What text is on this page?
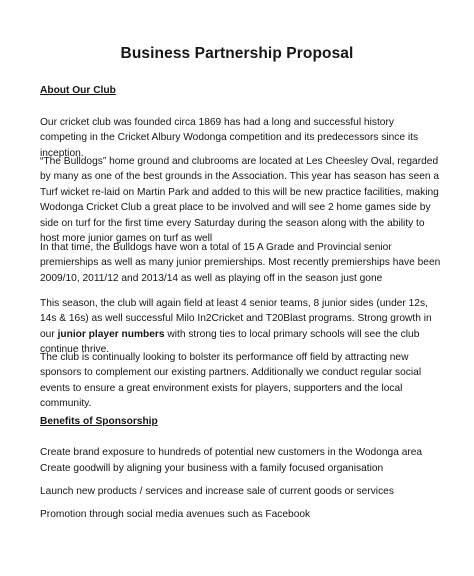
Business Partnership Proposal
About Our Club

Our cricket club was founded circa 1869 has had a long and successful history competing in the Cricket Albury Wodonga competition and its predecessors since its inception.

“The Bulldogs” home ground and clubrooms are located at Les Cheesley Oval, regarded by many as one of the best grounds in the Association. This year has season has seen a Turf wicket re-laid on Martin Park and added to this will be new practice facilities, making Wodonga Cricket Club a great place to be involved and will see 2 home games side by side on turf for the first time every Saturday during the season along with the ability to host more junior games on turf as well

In that time, the Bulldogs have won a total of 15 A Grade and Provincial senior premierships as well as many junior premierships. Most recently premierships have been 2009/10, 2011/12 and 2013/14 as well as playing off in the season just gone

This season, the club will again field at least 4 senior teams, 8 junior sides (under 12s, 14s & 16s) as well successful Milo In2Cricket and T20Blast programs. Strong growth in our junior player numbers with strong ties to local primary schools will see the club continue thrive.

The club is continually looking to bolster its performance off field by attracting new sponsors to complement our existing partners. Additionally we conduct regular social events to ensure a great environment exists for players, supporters and the local community.

Benefits of Sponsorship

Create brand exposure to hundreds of potential new customers in the Wodonga area

Create goodwill by aligning your business with a family focused organisation

Launch new products / services and increase sale of current goods or services

Promotion through social media avenues such as Facebook
